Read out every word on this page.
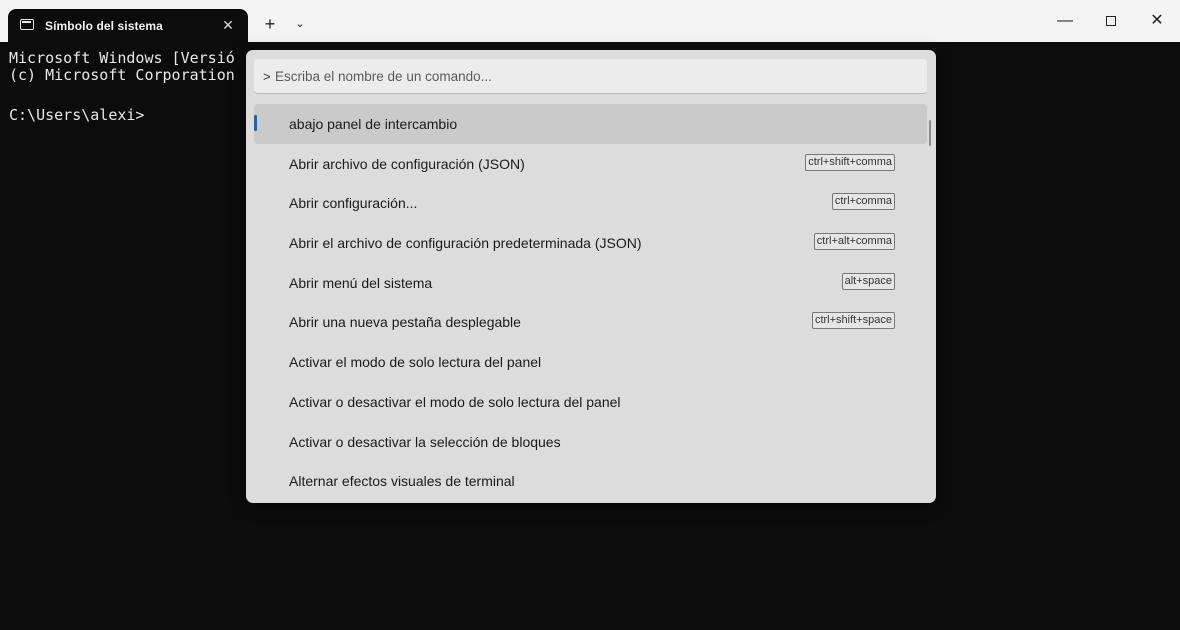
Símbolo del sistema	✕ +	⌄	—	✕

Microsoft Windows [Versió

(c) Microsoft Corporation

C:\Users\alexi>

>
Escriba el nombre de un comando...
abajo panel de intercambio
Abrir archivo de configuración (JSON)	ctrl+shift+comma
Abrir configuración...	ctrl+comma
Abrir el archivo de configuración predeterminada (JSON)	ctrl+alt+comma
Abrir menú del sistema	alt+space
Abrir una nueva pestaña desplegable	ctrl+shift+space
Activar el modo de solo lectura del panel
Activar o desactivar el modo de solo lectura del panel
Activar o desactivar la selección de bloques
Alternar efectos visuales de terminal
